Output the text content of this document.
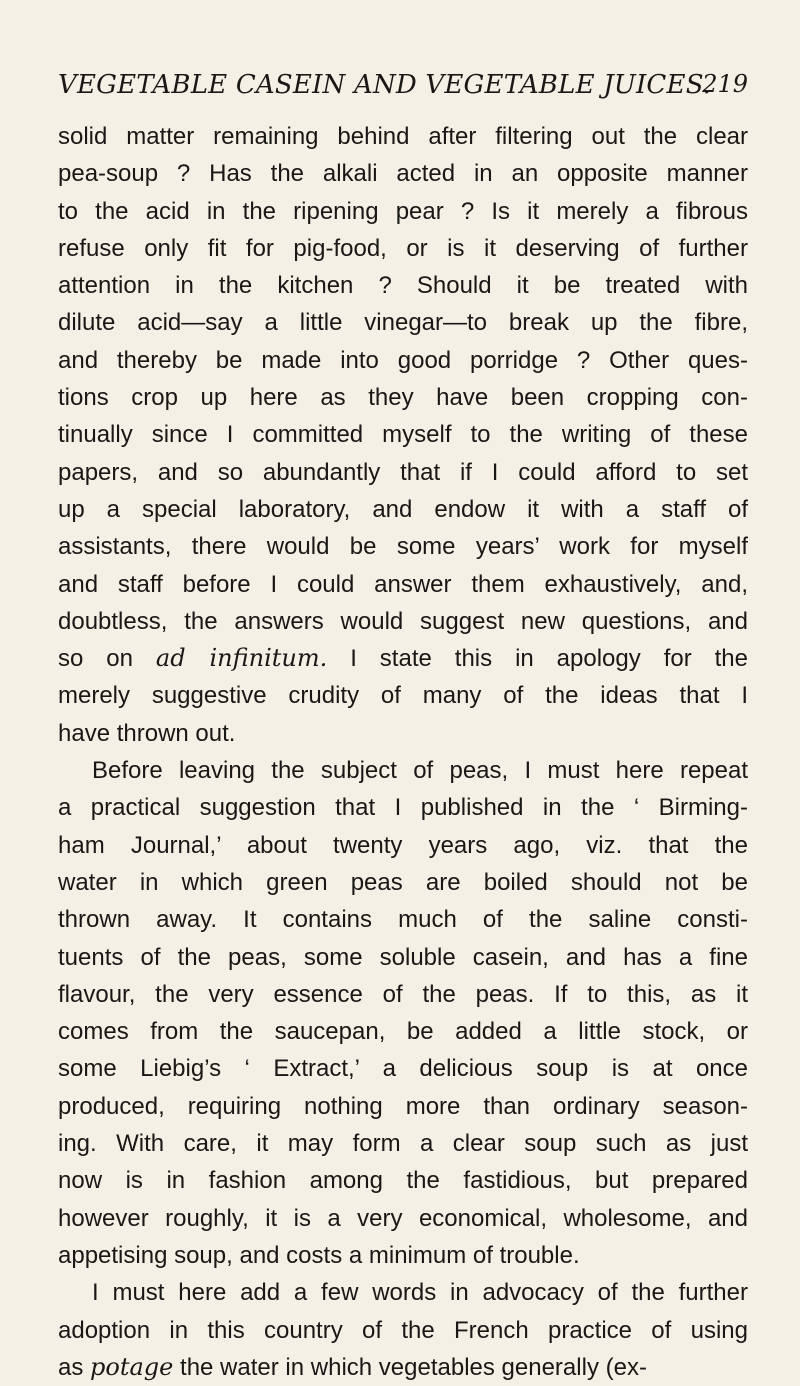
VEGETABLE CASEIN AND VEGETABLE JUICES.
219
solid matter remaining behind after filtering out the clear
pea-soup ? Has the alkali acted in an opposite manner
to the acid in the ripening pear ? Is it merely a fibrous
refuse only fit for pig-food, or is it deserving of further
attention in the kitchen ? Should it be treated with
dilute acid—say a little vinegar—to break up the fibre,
and thereby be made into good porridge ? Other ques-
tions crop up here as they have been cropping con-
tinually since I committed myself to the writing of these
papers, and so abundantly that if I could afford to set
up a special laboratory, and endow it with a staff of
assistants, there would be some years’ work for myself
and staff before I could answer them exhaustively, and,
doubtless, the answers would suggest new questions, and
so on ad infinitum. I state this in apology for the
merely suggestive crudity of many of the ideas that I
have thrown out.
Before leaving the subject of peas, I must here repeat
a practical suggestion that I published in the ‘ Birming-
ham Journal,’ about twenty years ago, viz. that the
water in which green peas are boiled should not be
thrown away. It contains much of the saline consti-
tuents of the peas, some soluble casein, and has a fine
flavour, the very essence of the peas. If to this, as it
comes from the saucepan, be added a little stock, or
some Liebig’s ‘ Extract,’ a delicious soup is at once
produced, requiring nothing more than ordinary season-
ing. With care, it may form a clear soup such as just
now is in fashion among the fastidious, but prepared
however roughly, it is a very economical, wholesome, and
appetising soup, and costs a minimum of trouble.
I must here add a few words in advocacy of the further
adoption in this country of the French practice of using
as potage the water in which vegetables generally (ex-
